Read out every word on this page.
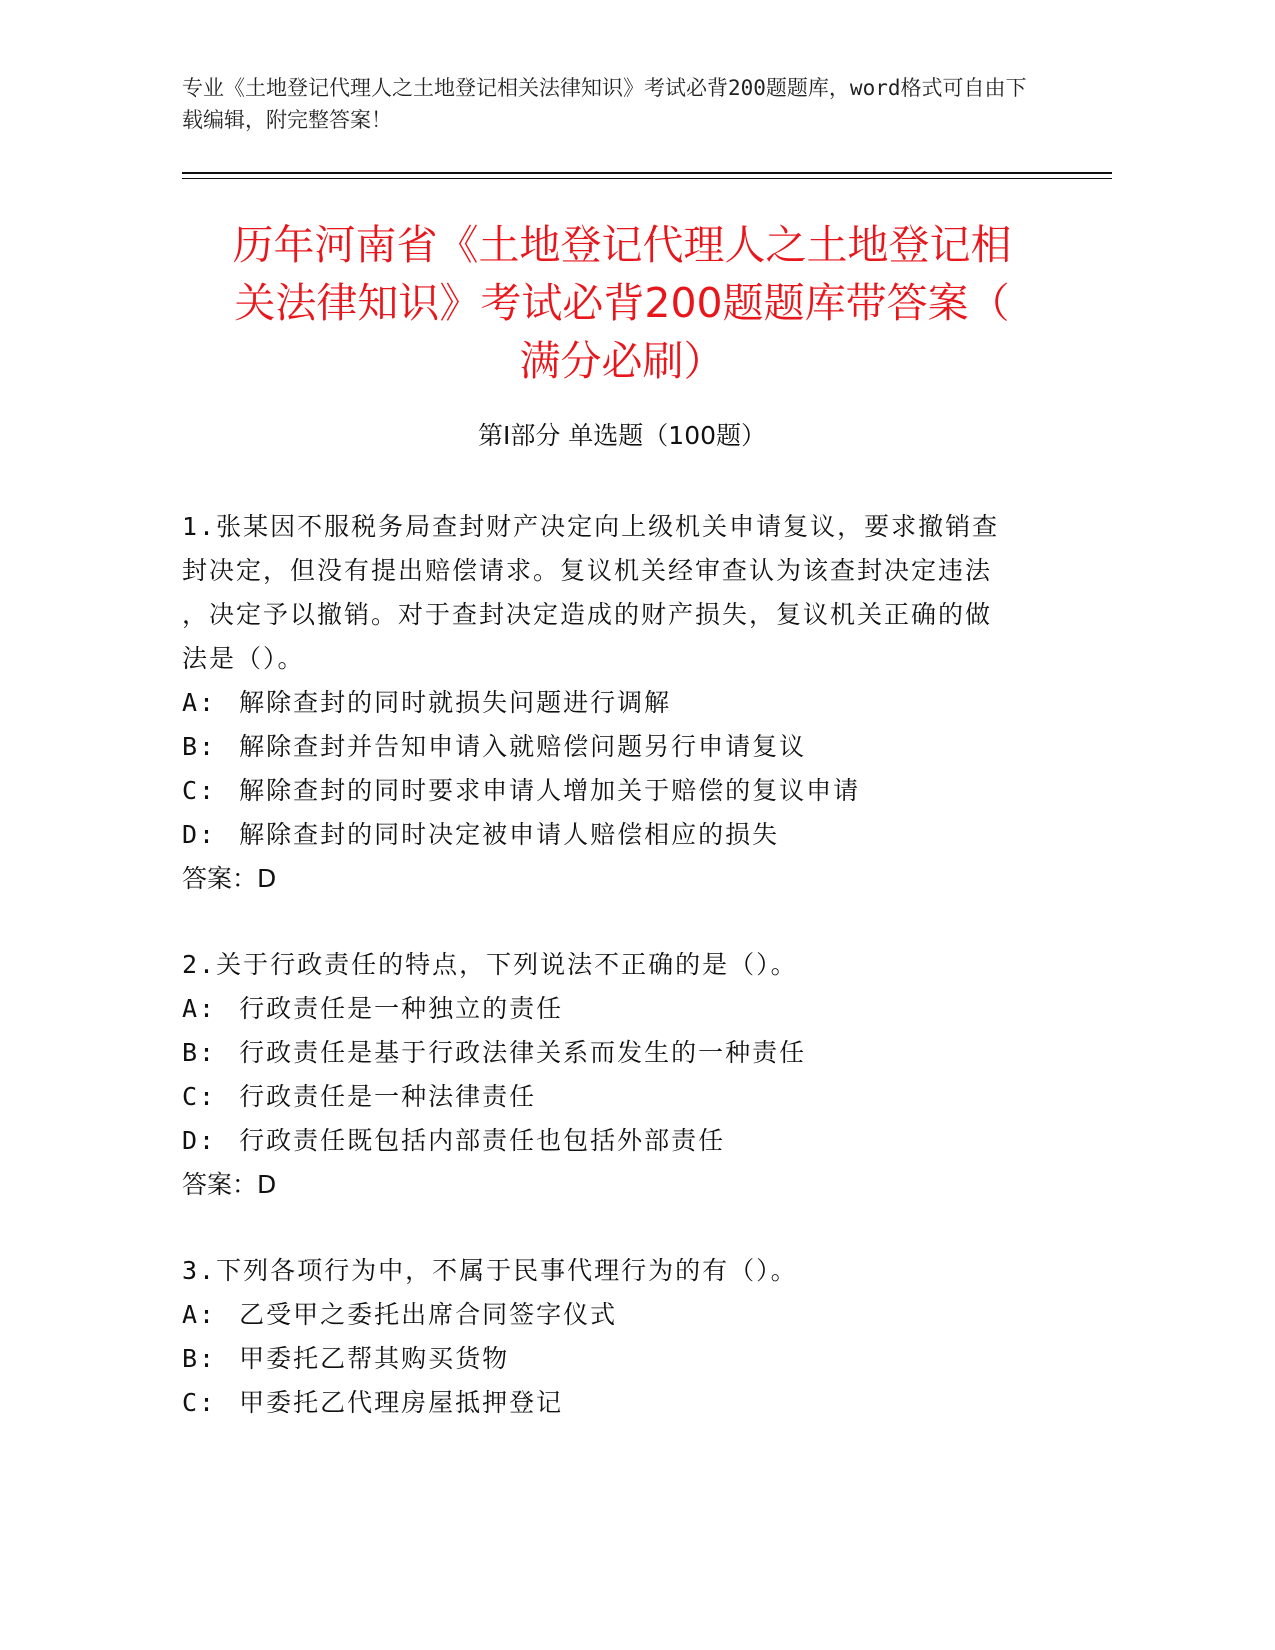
专业《土地登记代理人之土地登记相关法律知识》考试必背200题题库，word格式可自由下载编辑，附完整答案！
历年河南省《土地登记代理人之土地登记相
关法律知识》考试必背200题题库带答案（
满分必刷）
第Ⅰ部分 单选题（100题）
1.张某因不服税务局查封财产决定向上级机关申请复议，要求撤销查
封决定，但没有提出赔偿请求。复议机关经审查认为该查封决定违法
，决定予以撤销。对于查封决定造成的财产损失，复议机关正确的做
法是（）。
A: 解除查封的同时就损失问题进行调解
B: 解除查封并告知申请入就赔偿问题另行申请复议
C: 解除查封的同时要求申请人增加关于赔偿的复议申请
D: 解除查封的同时决定被申请人赔偿相应的损失
答案：D
2.关于行政责任的特点，下列说法不正确的是（）。
A: 行政责任是一种独立的责任
B: 行政责任是基于行政法律关系而发生的一种责任
C: 行政责任是一种法律责任
D: 行政责任既包括内部责任也包括外部责任
答案：D
3.下列各项行为中，不属于民事代理行为的有（）。
A: 乙受甲之委托出席合同签字仪式
B: 甲委托乙帮其购买货物
C: 甲委托乙代理房屋抵押登记
